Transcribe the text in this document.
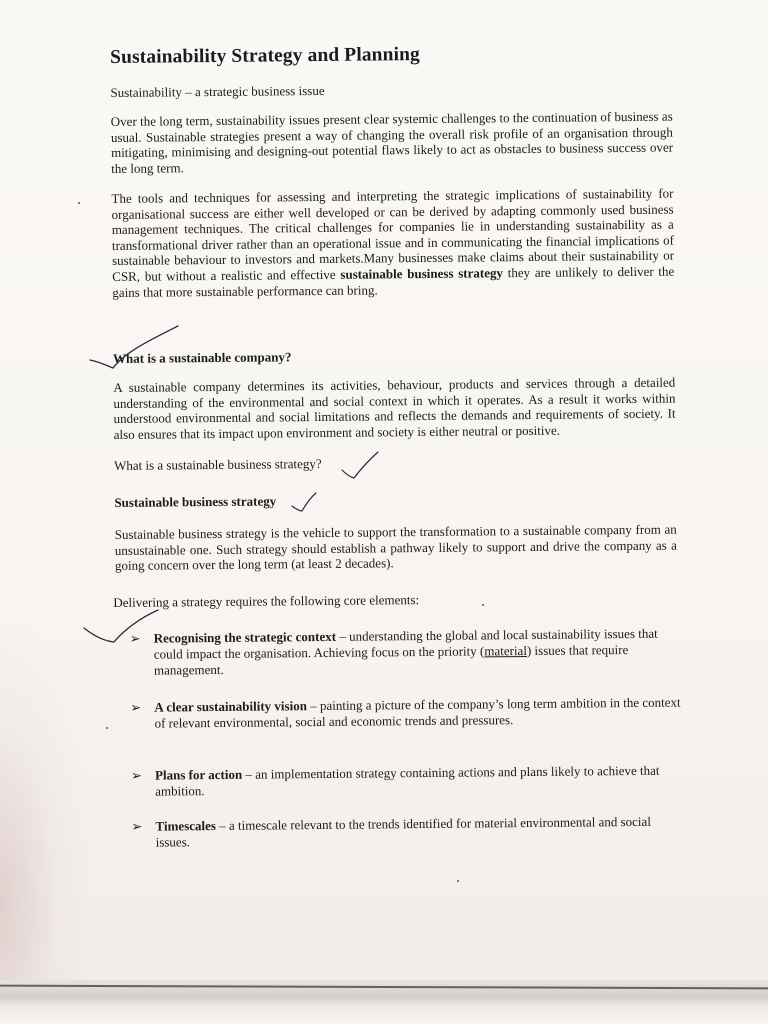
Sustainability Strategy and Planning
Sustainability – a strategic business issue
Over the long term, sustainability issues present clear systemic challenges to the continuation of business as usual. Sustainable strategies present a way of changing the overall risk profile of an organisation through mitigating, minimising and designing-out potential flaws likely to act as obstacles to business success over the long term.
The tools and techniques for assessing and interpreting the strategic implications of sustainability for organisational success are either well developed or can be derived by adapting commonly used business management techniques. The critical challenges for companies lie in understanding sustainability as a transformational driver rather than an operational issue and in communicating the financial implications of sustainable behaviour to investors and markets.Many businesses make claims about their sustainability or CSR, but without a realistic and effective sustainable business strategy they are unlikely to deliver the gains that more sustainable performance can bring.
What is a sustainable company?
A sustainable company determines its activities, behaviour, products and services through a detailed understanding of the environmental and social context in which it operates. As a result it works within understood environmental and social limitations and reflects the demands and requirements of society. It also ensures that its impact upon environment and society is either neutral or positive.
What is a sustainable business strategy?
Sustainable business strategy
Sustainable business strategy is the vehicle to support the transformation to a sustainable company from an unsustainable one. Such strategy should establish a pathway likely to support and drive the company as a going concern over the long term (at least 2 decades).
Delivering a strategy requires the following core elements:
➢ Recognising the strategic context – understanding the global and local sustainability issues that could impact the organisation. Achieving focus on the priority (material) issues that require management.
➢ A clear sustainability vision – painting a picture of the company’s long term ambition in the context of relevant environmental, social and economic trends and pressures.
➢ Plans for action – an implementation strategy containing actions and plans likely to achieve that ambition.
➢ Timescales – a timescale relevant to the trends identified for material environmental and social issues.
